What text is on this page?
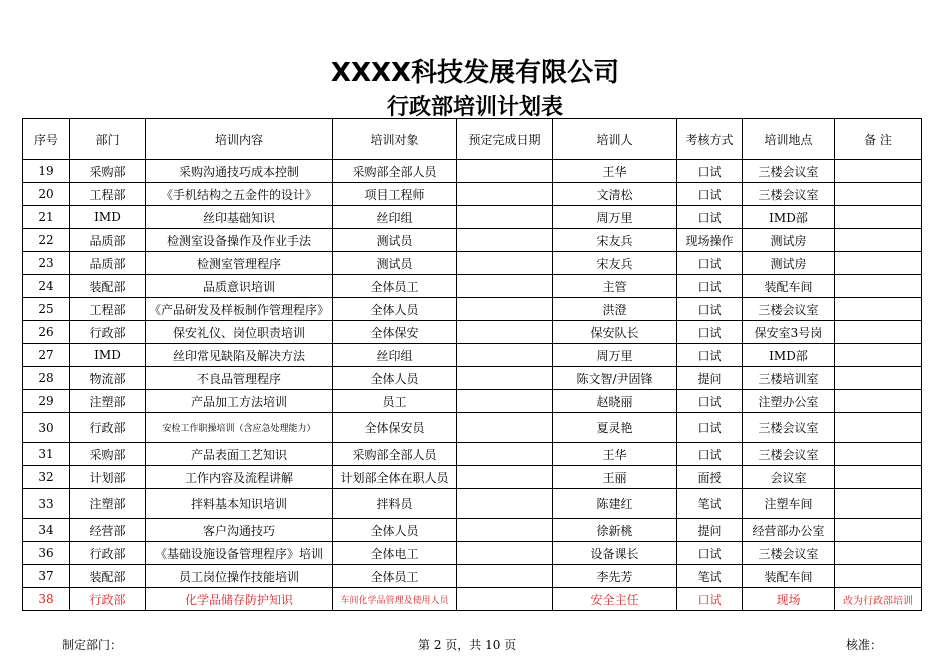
XXXX科技发展有限公司
行政部培训计划表
序号	部门	培训内容	培训对象	预定完成日期	培训人	考核方式	培训地点	备 注
19	采购部	采购沟通技巧成本控制	采购部全部人员		王华	口试	三楼会议室	
20	工程部	《手机结构之五金件的设计》	项目工程师		文清松	口试	三楼会议室	
21	IMD	丝印基础知识	丝印组		周万里	口试	IMD部	
22	品质部	检测室设备操作及作业手法	测试员		宋友兵	现场操作	测试房	
23	品质部	检测室管理程序	测试员		宋友兵	口试	测试房	
24	装配部	品质意识培训	全体员工		主管	口试	装配车间	
25	工程部	《产品研发及样板制作管理程序》	全体人员		洪澄	口试	三楼会议室	
26	行政部	保安礼仪、岗位职责培训	全体保安		保安队长	口试	保安室3号岗	
27	IMD	丝印常见缺陷及解决方法	丝印组		周万里	口试	IMD部	
28	物流部	不良品管理程序	全体人员		陈文智/尹固锋	提问	三楼培训室	
29	注塑部	产品加工方法培训	员工		赵晓丽	口试	注塑办公室	
30	行政部	安检工作职操培训（含应急处理能力）	全体保安员		夏灵艳	口试	三楼会议室	
31	采购部	产品表面工艺知识	采购部全部人员		王华	口试	三楼会议室	
32	计划部	工作内容及流程讲解	计划部全体在职人员		王丽	面授	会议室	
33	注塑部	拌料基本知识培训	拌料员		陈建红	笔试	注塑车间	
34	经营部	客户沟通技巧	全体人员		徐新桃	提问	经营部办公室	
36	行政部	《基础设施设备管理程序》培训	全体电工		设备课长	口试	三楼会议室	
37	装配部	员工岗位操作技能培训	全体员工		李先芳	笔试	装配车间	
38	行政部	化学品储存防护知识	车间化学品管理及使用人员		安全主任	口试	现场	改为行政部培训
制定部门：	第 2 页，共 10 页	核准：
